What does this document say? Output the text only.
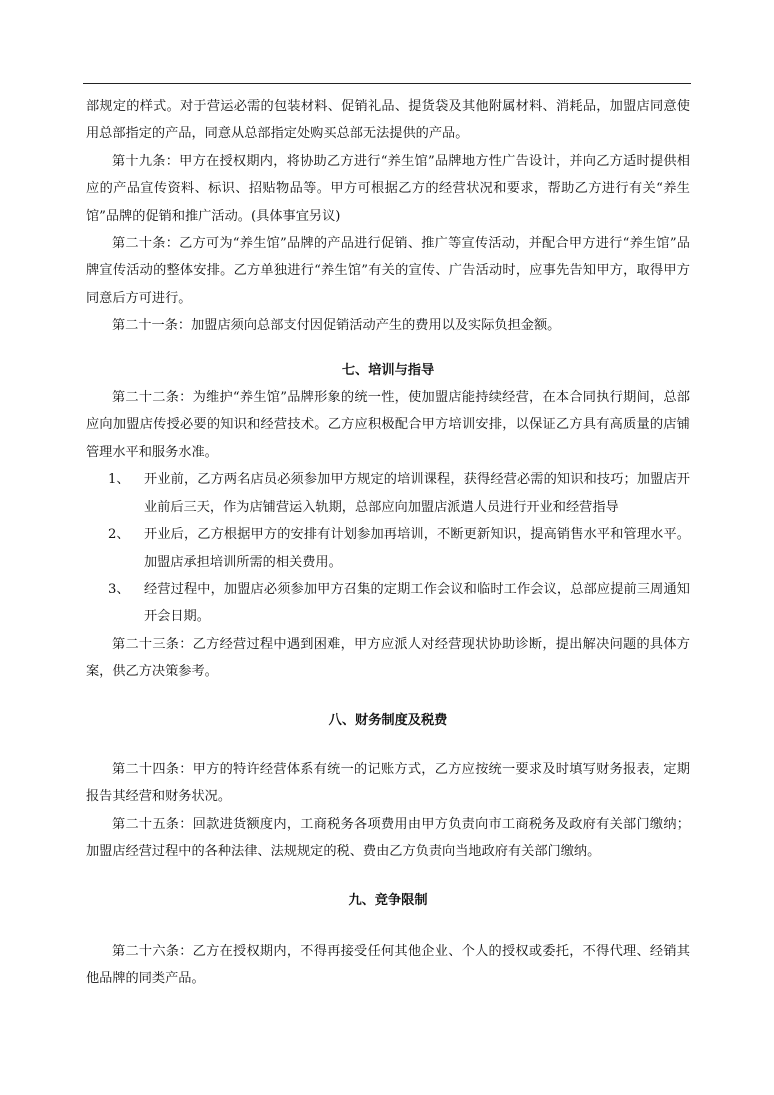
部规定的样式。对于营运必需的包装材料、促销礼品、提货袋及其他附属材料、消耗品，加盟店同意使用总部指定的产品，同意从总部指定处购买总部无法提供的产品。

第十九条：甲方在授权期内，将协助乙方进行“养生馆”品牌地方性广告设计，并向乙方适时提供相应的产品宣传资料、标识、招贴物品等。甲方可根据乙方的经营状况和要求，帮助乙方进行有关“养生馆”品牌的促销和推广活动。(具体事宜另议)

第二十条：乙方可为“养生馆”品牌的产品进行促销、推广等宣传活动，并配合甲方进行“养生馆”品牌宣传活动的整体安排。乙方单独进行“养生馆”有关的宣传、广告活动时，应事先告知甲方，取得甲方同意后方可进行。

第二十一条：加盟店须向总部支付因促销活动产生的费用以及实际负担金额。

七、培训与指导

第二十二条：为维护“养生馆”品牌形象的统一性，使加盟店能持续经营，在本合同执行期间，总部应向加盟店传授必要的知识和经营技术。乙方应积极配合甲方培训安排，以保证乙方具有高质量的店铺管理水平和服务水准。

1、	开业前，乙方两名店员必须参加甲方规定的培训课程，获得经营必需的知识和技巧；加盟店开业前后三天，作为店铺营运入轨期，总部应向加盟店派遣人员进行开业和经营指导
2、	开业后，乙方根据甲方的安排有计划参加再培训，不断更新知识，提高销售水平和管理水平。加盟店承担培训所需的相关费用。
3、	经营过程中，加盟店必须参加甲方召集的定期工作会议和临时工作会议，总部应提前三周通知开会日期。

第二十三条：乙方经营过程中遇到困难，甲方应派人对经营现状协助诊断，提出解决问题的具体方案，供乙方决策参考。

八、财务制度及税费

第二十四条：甲方的特许经营体系有统一的记账方式，乙方应按统一要求及时填写财务报表，定期报告其经营和财务状况。

第二十五条：回款进货额度内，工商税务各项费用由甲方负责向市工商税务及政府有关部门缴纳；加盟店经营过程中的各种法律、法规规定的税、费由乙方负责向当地政府有关部门缴纳。

九、竞争限制

第二十六条：乙方在授权期内，不得再接受任何其他企业、个人的授权或委托，不得代理、经销其他品牌的同类产品。
